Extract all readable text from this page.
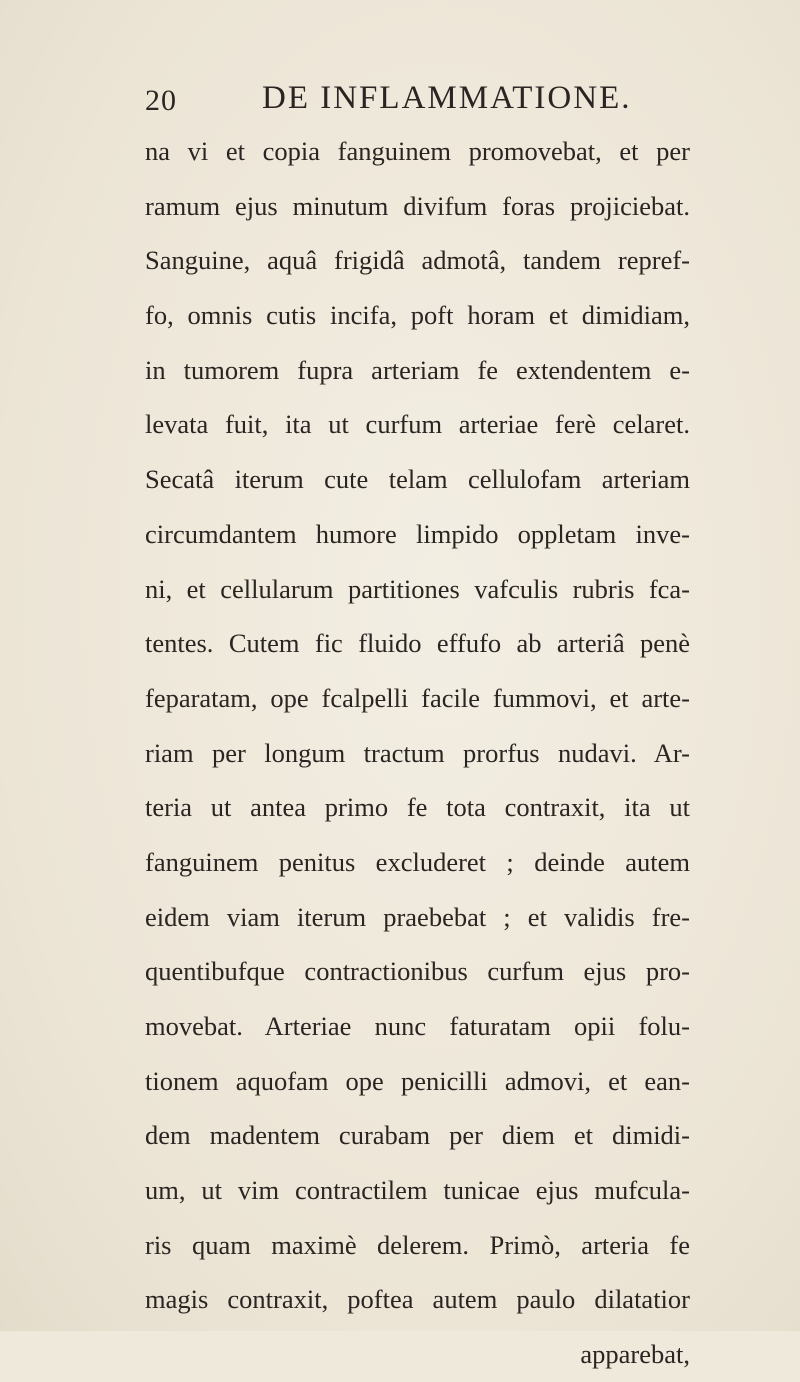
20	DE INFLAMMATIONE.
na vi et copia fanguinem promovebat, et per
ramum ejus minutum divifum foras projiciebat.
Sanguine, aquâ frigidâ admotâ, tandem repref-
fo, omnis cutis incifa, poft horam et dimidiam,
in tumorem fupra arteriam fe extendentem e-
levata fuit, ita ut curfum arteriae ferè celaret.
Secatâ iterum cute telam cellulofam arteriam
circumdantem humore limpido oppletam inve-
ni, et cellularum partitiones vafculis rubris fca-
tentes. Cutem fic fluido effufo ab arteriâ penè
feparatam, ope fcalpelli facile fummovi, et arte-
riam per longum tractum prorfus nudavi. Ar-
teria ut antea primo fe tota contraxit, ita ut
fanguinem penitus excluderet ; deinde autem
eidem viam iterum praebebat ; et validis fre-
quentibufque contractionibus curfum ejus pro-
movebat. Arteriae nunc faturatam opii folu-
tionem aquofam ope penicilli admovi, et ean-
dem madentem curabam per diem et dimidi-
um, ut vim contractilem tunicae ejus mufcula-
ris quam maximè delerem. Primò, arteria fe
magis contraxit, poftea autem paulo dilatatior
apparebat,
